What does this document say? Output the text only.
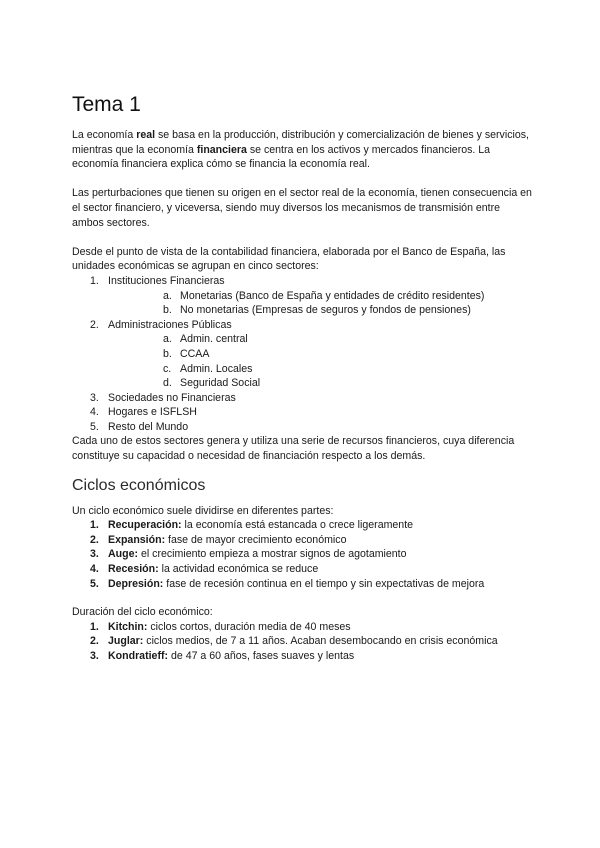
Tema 1

La economía real se basa en la producción, distribución y comercialización de bienes y servicios, mientras que la economía financiera se centra en los activos y mercados financieros. La economía financiera explica cómo se financia la economía real.

Las perturbaciones que tienen su origen en el sector real de la economía, tienen consecuencia en el sector financiero, y viceversa, siendo muy diversos los mecanismos de transmisión entre ambos sectores.

Desde el punto de vista de la contabilidad financiera, elaborada por el Banco de España, las unidades económicas se agrupan en cinco sectores:

1. Instituciones Financieras
a. Monetarias (Banco de España y entidades de crédito residentes)
b. No monetarias (Empresas de seguros y fondos de pensiones)
2. Administraciones Públicas
a. Admin. central
b. CCAA
c. Admin. Locales
d. Seguridad Social
3. Sociedades no Financieras
4. Hogares e ISFLSH
5. Resto del Mundo

Cada uno de estos sectores genera y utiliza una serie de recursos financieros, cuya diferencia constituye su capacidad o necesidad de financiación respecto a los demás.

Ciclos económicos

Un ciclo económico suele dividirse en diferentes partes:

1. Recuperación: la economía está estancada o crece ligeramente
2. Expansión: fase de mayor crecimiento económico
3. Auge: el crecimiento empieza a mostrar signos de agotamiento
4. Recesión: la actividad económica se reduce
5. Depresión: fase de recesión continua en el tiempo y sin expectativas de mejora

Duración del ciclo económico:

1. Kitchin: ciclos cortos, duración media de 40 meses
2. Juglar: ciclos medios, de 7 a 11 años. Acaban desembocando en crisis económica
3. Kondratieff: de 47 a 60 años, fases suaves y lentas
